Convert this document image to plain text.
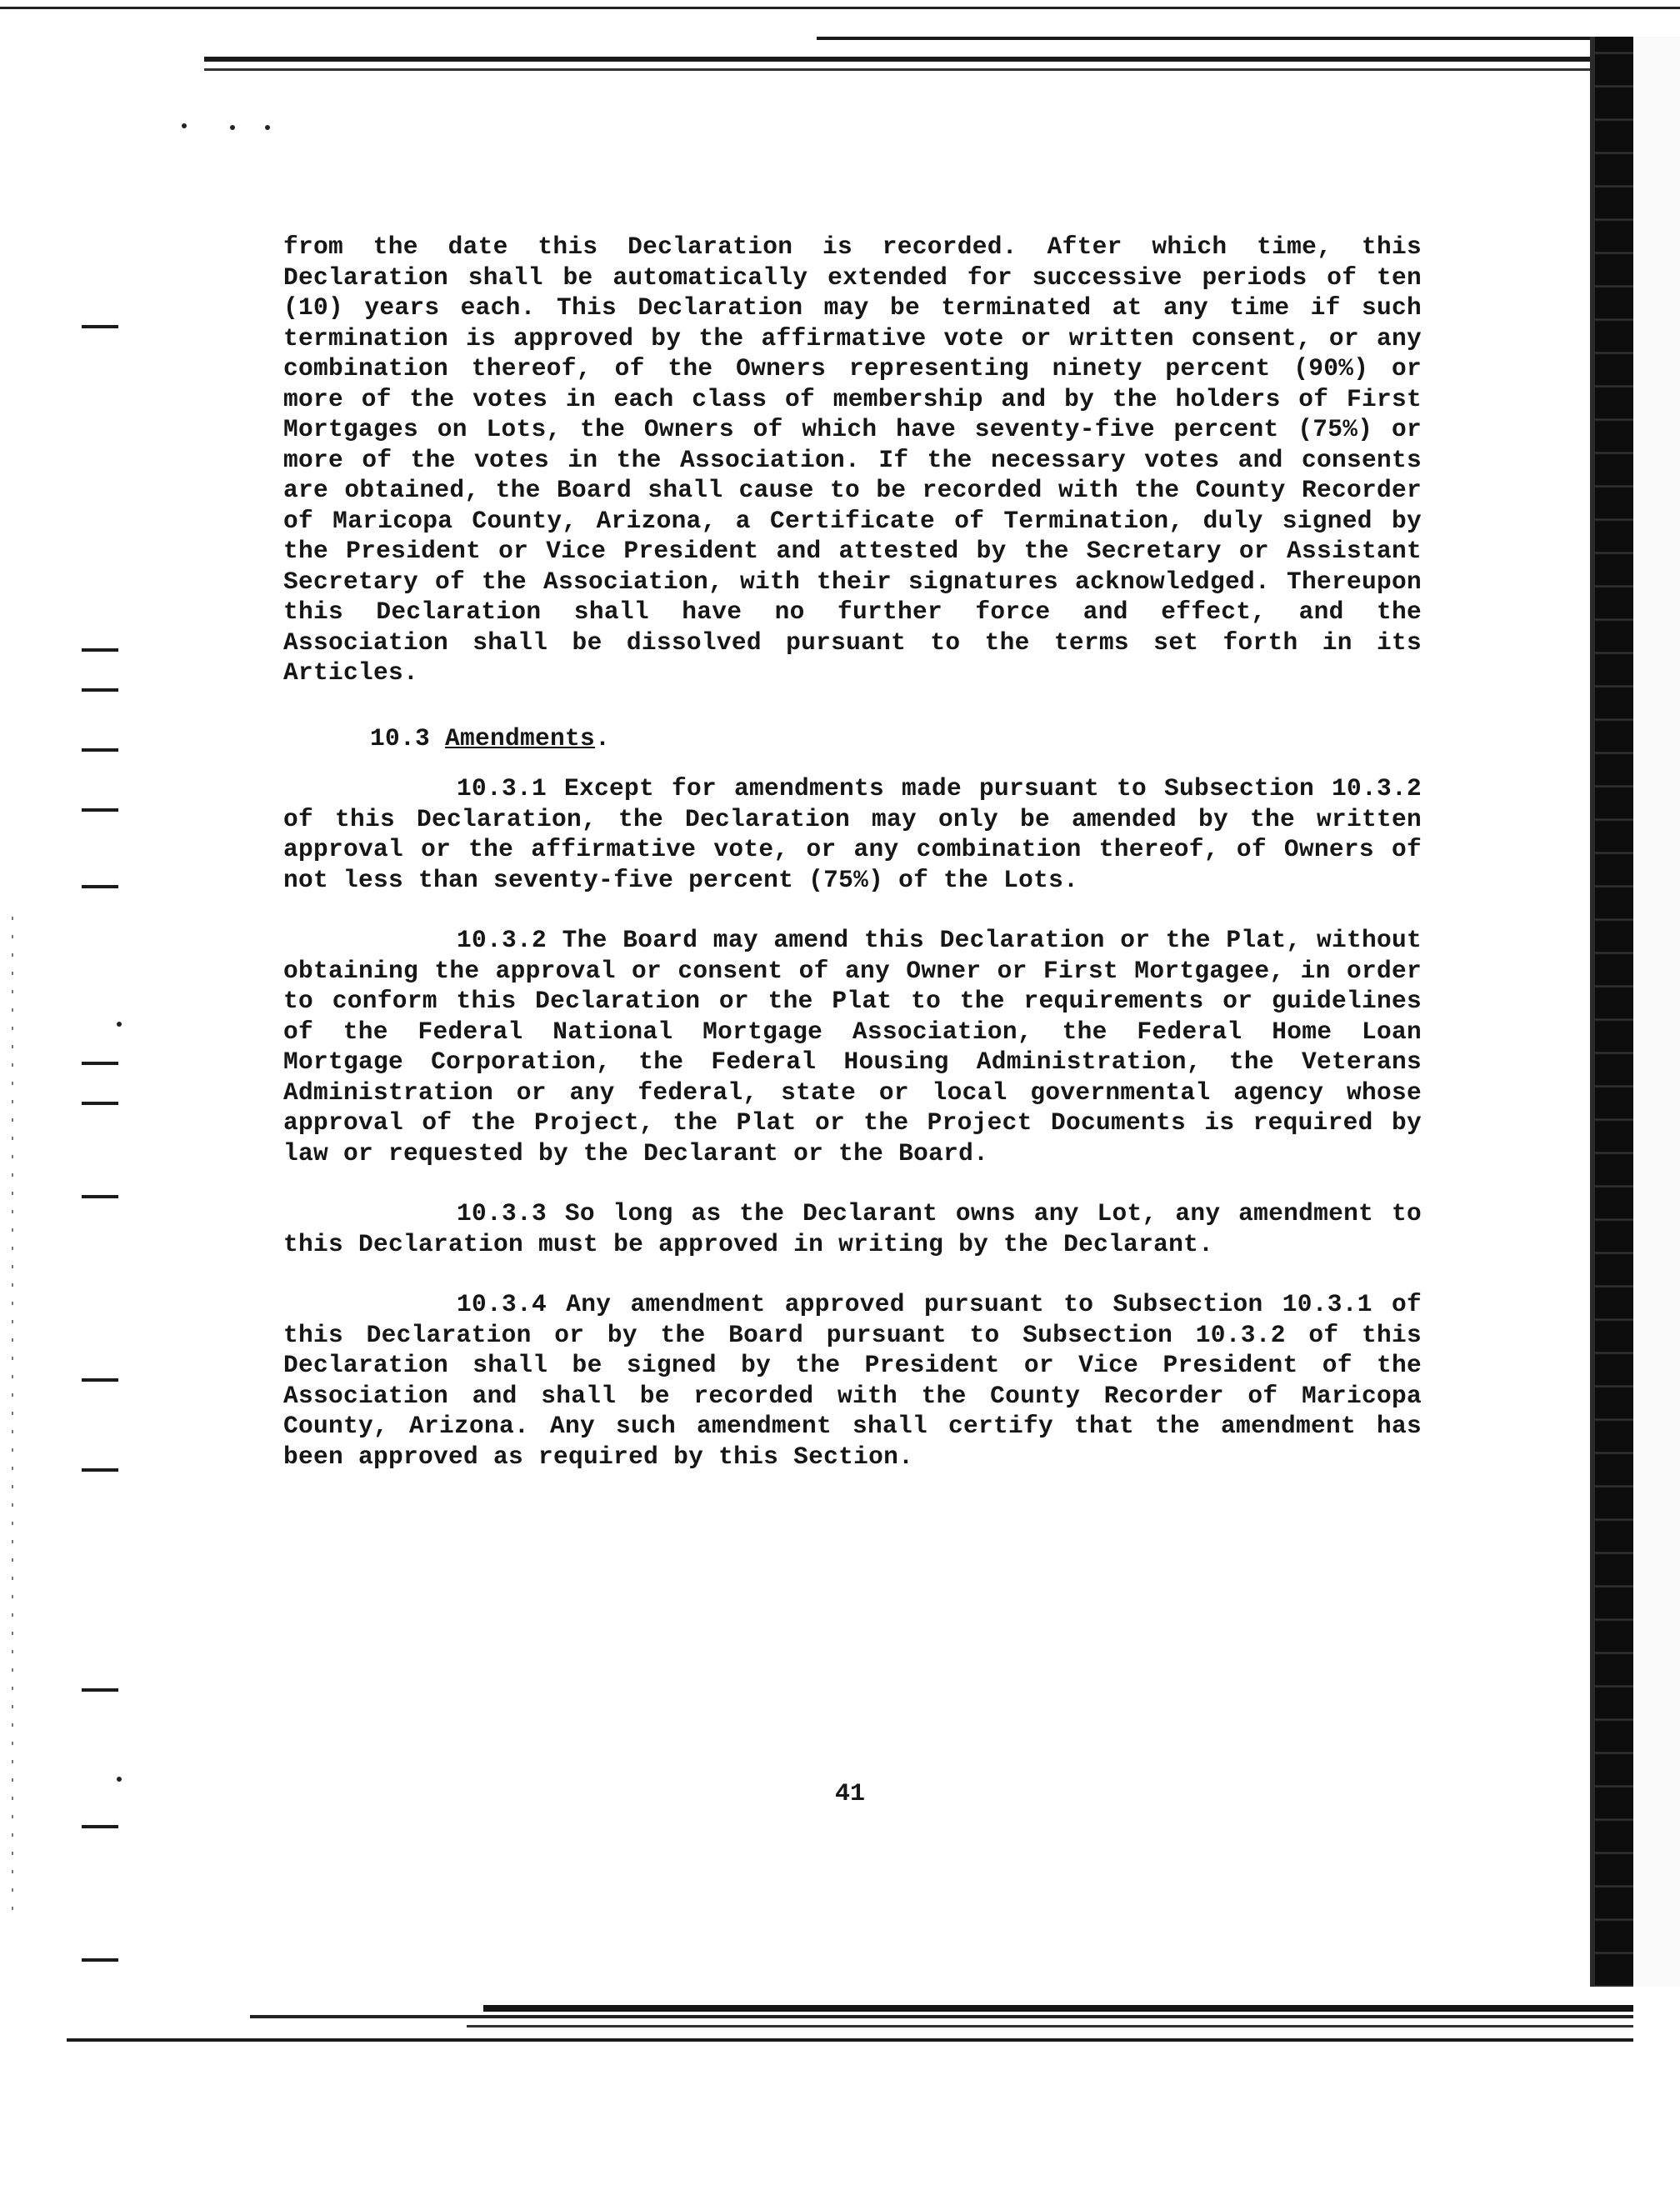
from the date this Declaration is recorded. After which time, this Declaration shall be automatically extended for successive periods of ten (10) years each. This Declaration may be terminated at any time if such termination is approved by the affirmative vote or written consent, or any combination thereof, of the Owners representing ninety percent (90%) or more of the votes in each class of membership and by the holders of First Mortgages on Lots, the Owners of which have seventy-five percent (75%) or more of the votes in the Association. If the necessary votes and consents are obtained, the Board shall cause to be recorded with the County Recorder of Maricopa County, Arizona, a Certificate of Termination, duly signed by the President or Vice President and attested by the Secretary or Assistant Secretary of the Association, with their signatures acknowledged. Thereupon this Declaration shall have no further force and effect, and the Association shall be dissolved pursuant to the terms set forth in its Articles.

10.3 Amendments.

10.3.1 Except for amendments made pursuant to Subsection 10.3.2 of this Declaration, the Declaration may only be amended by the written approval or the affirmative vote, or any combination thereof, of Owners of not less than seventy-five percent (75%) of the Lots.

10.3.2 The Board may amend this Declaration or the Plat, without obtaining the approval or consent of any Owner or First Mortgagee, in order to conform this Declaration or the Plat to the requirements or guidelines of the Federal National Mortgage Association, the Federal Home Loan Mortgage Corporation, the Federal Housing Administration, the Veterans Administration or any federal, state or local governmental agency whose approval of the Project, the Plat or the Project Documents is required by law or requested by the Declarant or the Board.

10.3.3 So long as the Declarant owns any Lot, any amendment to this Declaration must be approved in writing by the Declarant.

10.3.4 Any amendment approved pursuant to Subsection 10.3.1 of this Declaration or by the Board pursuant to Subsection 10.3.2 of this Declaration shall be signed by the President or Vice President of the Association and shall be recorded with the County Recorder of Maricopa County, Arizona. Any such amendment shall certify that the amendment has been approved as required by this Section.

41
